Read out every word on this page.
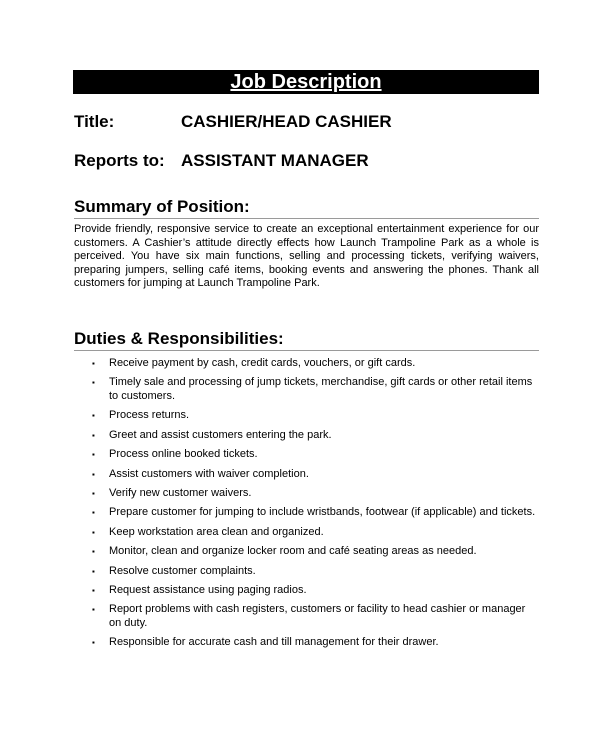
Job Description
Title:	CASHIER/HEAD CASHIER
Reports to: ASSISTANT MANAGER
Summary of Position:

Provide friendly, responsive service to create an exceptional entertainment experience for our customers. A Cashier’s attitude directly effects how Launch Trampoline Park as a whole is perceived. You have six main functions, selling and processing tickets, verifying waivers, preparing jumpers, selling café items, booking events and answering the phones. Thank all customers for jumping at Launch Trampoline Park.

Duties & Responsibilities:
▪ Receive payment by cash, credit cards, vouchers, or gift cards.
▪ Timely sale and processing of jump tickets, merchandise, gift cards or other retail items to customers.
▪ Process returns.
▪ Greet and assist customers entering the park.
▪ Process online booked tickets.
▪ Assist customers with waiver completion.
▪ Verify new customer waivers.
▪ Prepare customer for jumping to include wristbands, footwear (if applicable) and tickets.
▪ Keep workstation area clean and organized.
▪ Monitor, clean and organize locker room and café seating areas as needed.
▪ Resolve customer complaints.
▪ Request assistance using paging radios.
▪ Report problems with cash registers, customers or facility to head cashier or manager on duty.
▪ Responsible for accurate cash and till management for their drawer.
